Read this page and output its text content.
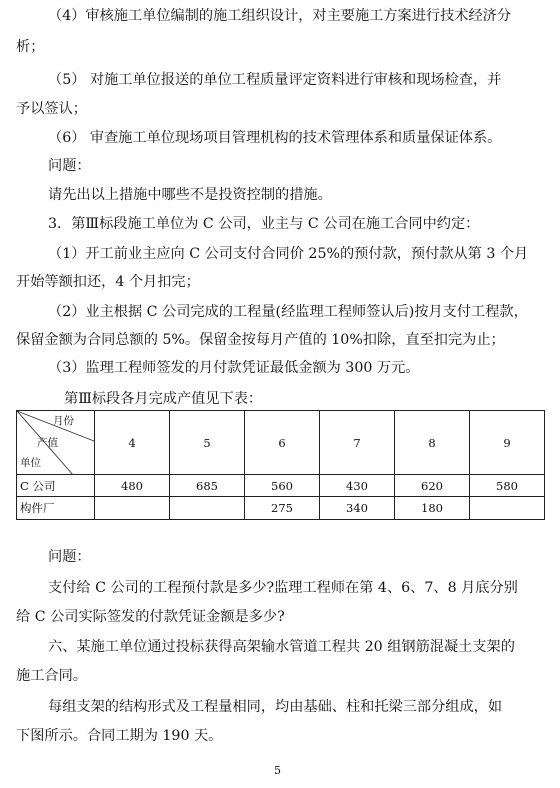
（4）审核施工单位编制的施工组织设计，对主要施工方案进行技术经济分
析；
（5） 对施工单位报送的单位工程质量评定资料进行审核和现场检查，并
予以签认；
（6） 审查施工单位现场项目管理机构的技术管理体系和质量保证体系。
问题：
请先出以上措施中哪些不是投资控制的措施。
3．第Ⅲ标段施工单位为 C 公司，业主与 C 公司在施工合同中约定：
（1）开工前业主应向 C 公司支付合同价 25%的预付款，预付款从第 3 个月
开始等额扣还，4 个月扣完；
（2）业主根据 C 公司完成的工程量(经监理工程师签认后)按月支付工程款，
保留金额为合同总额的 5%。保留金按每月产值的 10%扣除，直至扣完为止；
（3）监理工程师签发的月付款凭证最低金额为 300 万元。
第Ⅲ标段各月完成产值见下表：
月份
产值
单位	4	5	6	7	8	9
C 公司	480	685	560	430	620	580
构件厂			275	340	180	
问题：
支付给 C 公司的工程预付款是多少?监理工程师在第 4、6、7、8 月底分别
给 C 公司实际签发的付款凭证金额是多少?
六、某施工单位通过投标获得高架输水管道工程共 20 组钢筋混凝土支架的
施工合同。
每组支架的结构形式及工程量相同，均由基础、柱和托梁三部分组成，如
下图所示。合同工期为 190 天。
5
